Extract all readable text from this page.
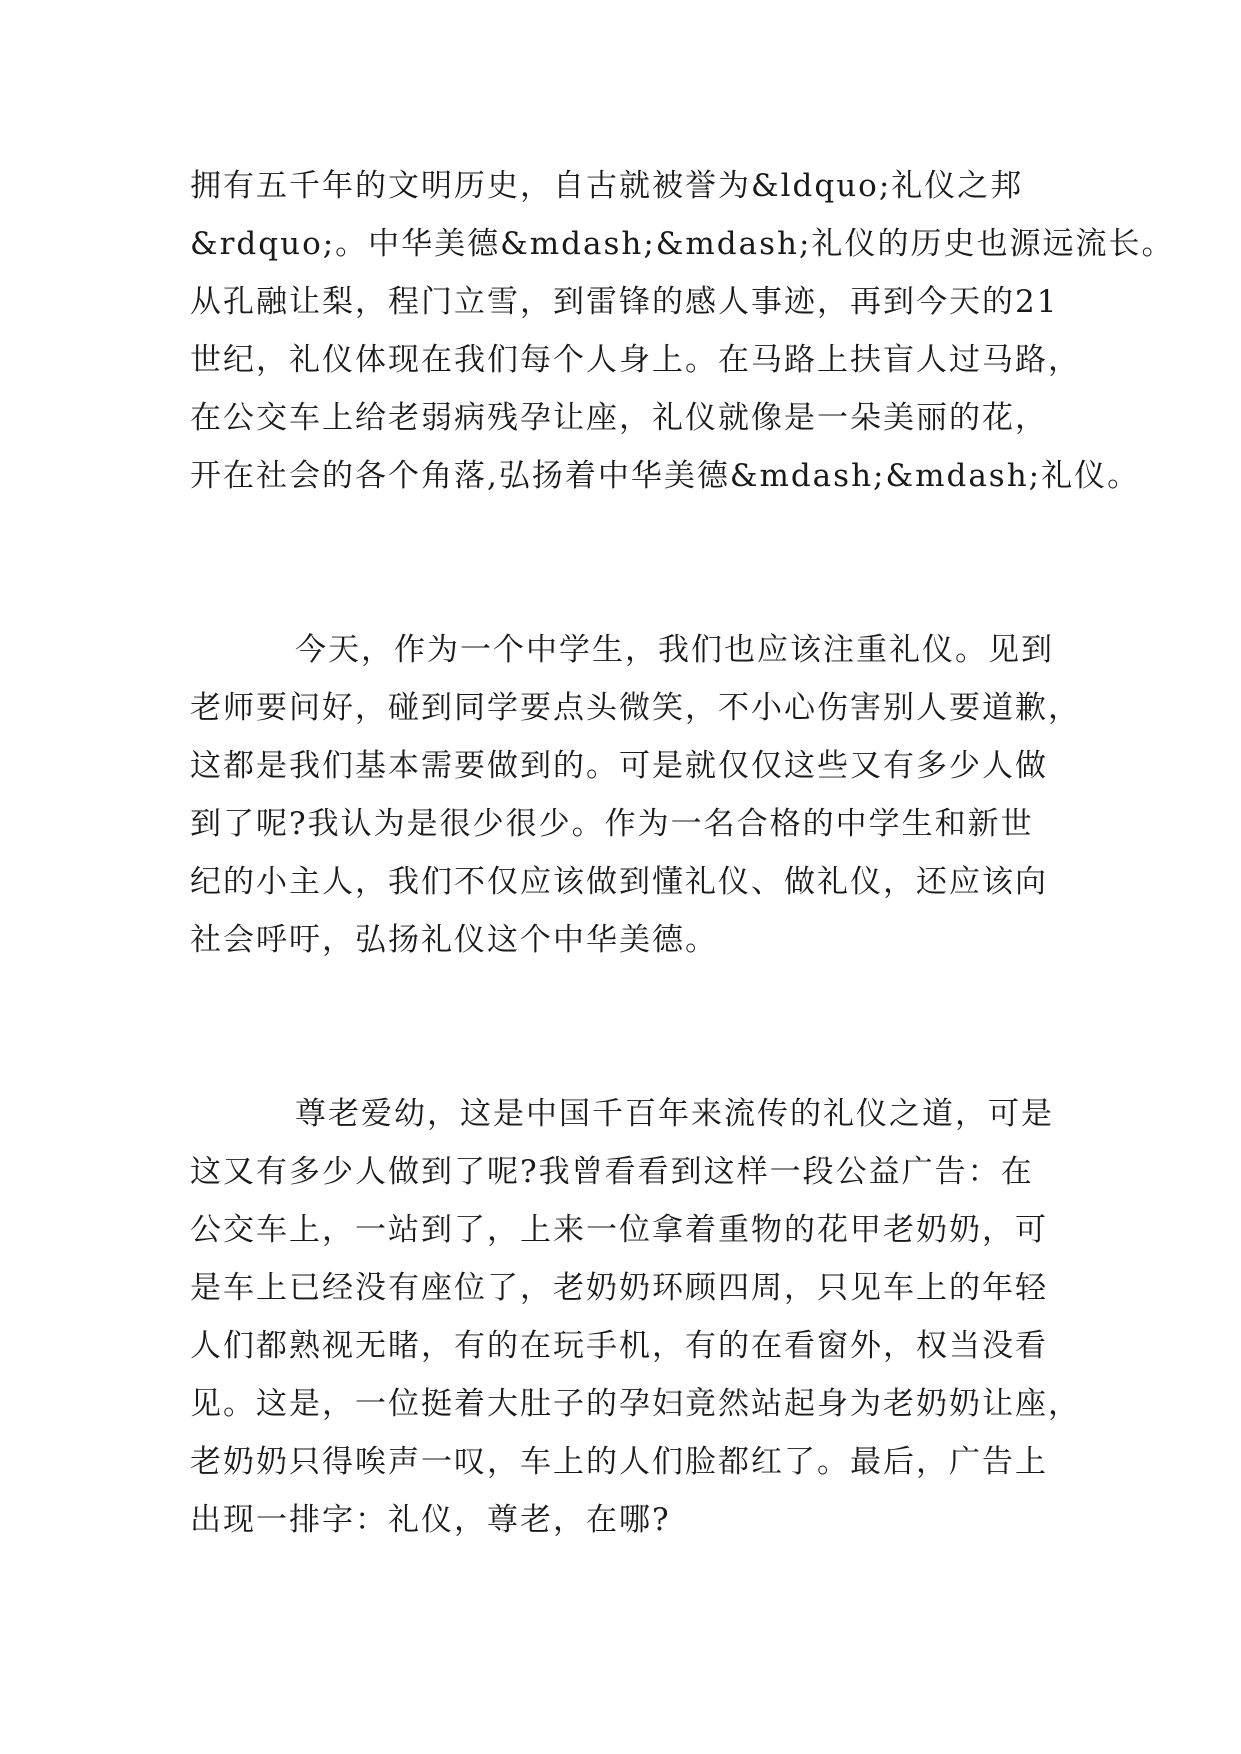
拥有五千年的文明历史，自古就被誉为&ldquo;礼仪之邦
&rdquo;。中华美德&mdash;&mdash;礼仪的历史也源远流长。
从孔融让梨，程门立雪，到雷锋的感人事迹，再到今天的21
世纪，礼仪体现在我们每个人身上。在马路上扶盲人过马路，
在公交车上给老弱病残孕让座，礼仪就像是一朵美丽的花，
开在社会的各个角落,弘扬着中华美德&mdash;&mdash;礼仪。
今天，作为一个中学生，我们也应该注重礼仪。见到
老师要问好，碰到同学要点头微笑，不小心伤害别人要道歉，
这都是我们基本需要做到的。可是就仅仅这些又有多少人做
到了呢?我认为是很少很少。作为一名合格的中学生和新世
纪的小主人，我们不仅应该做到懂礼仪、做礼仪，还应该向
社会呼吁，弘扬礼仪这个中华美德。
尊老爱幼，这是中国千百年来流传的礼仪之道，可是
这又有多少人做到了呢?我曾看看到这样一段公益广告：在
公交车上，一站到了，上来一位拿着重物的花甲老奶奶，可
是车上已经没有座位了，老奶奶环顾四周，只见车上的年轻
人们都熟视无睹，有的在玩手机，有的在看窗外，权当没看
见。这是，一位挺着大肚子的孕妇竟然站起身为老奶奶让座，
老奶奶只得唉声一叹，车上的人们脸都红了。最后，广告上
出现一排字：礼仪，尊老，在哪?
